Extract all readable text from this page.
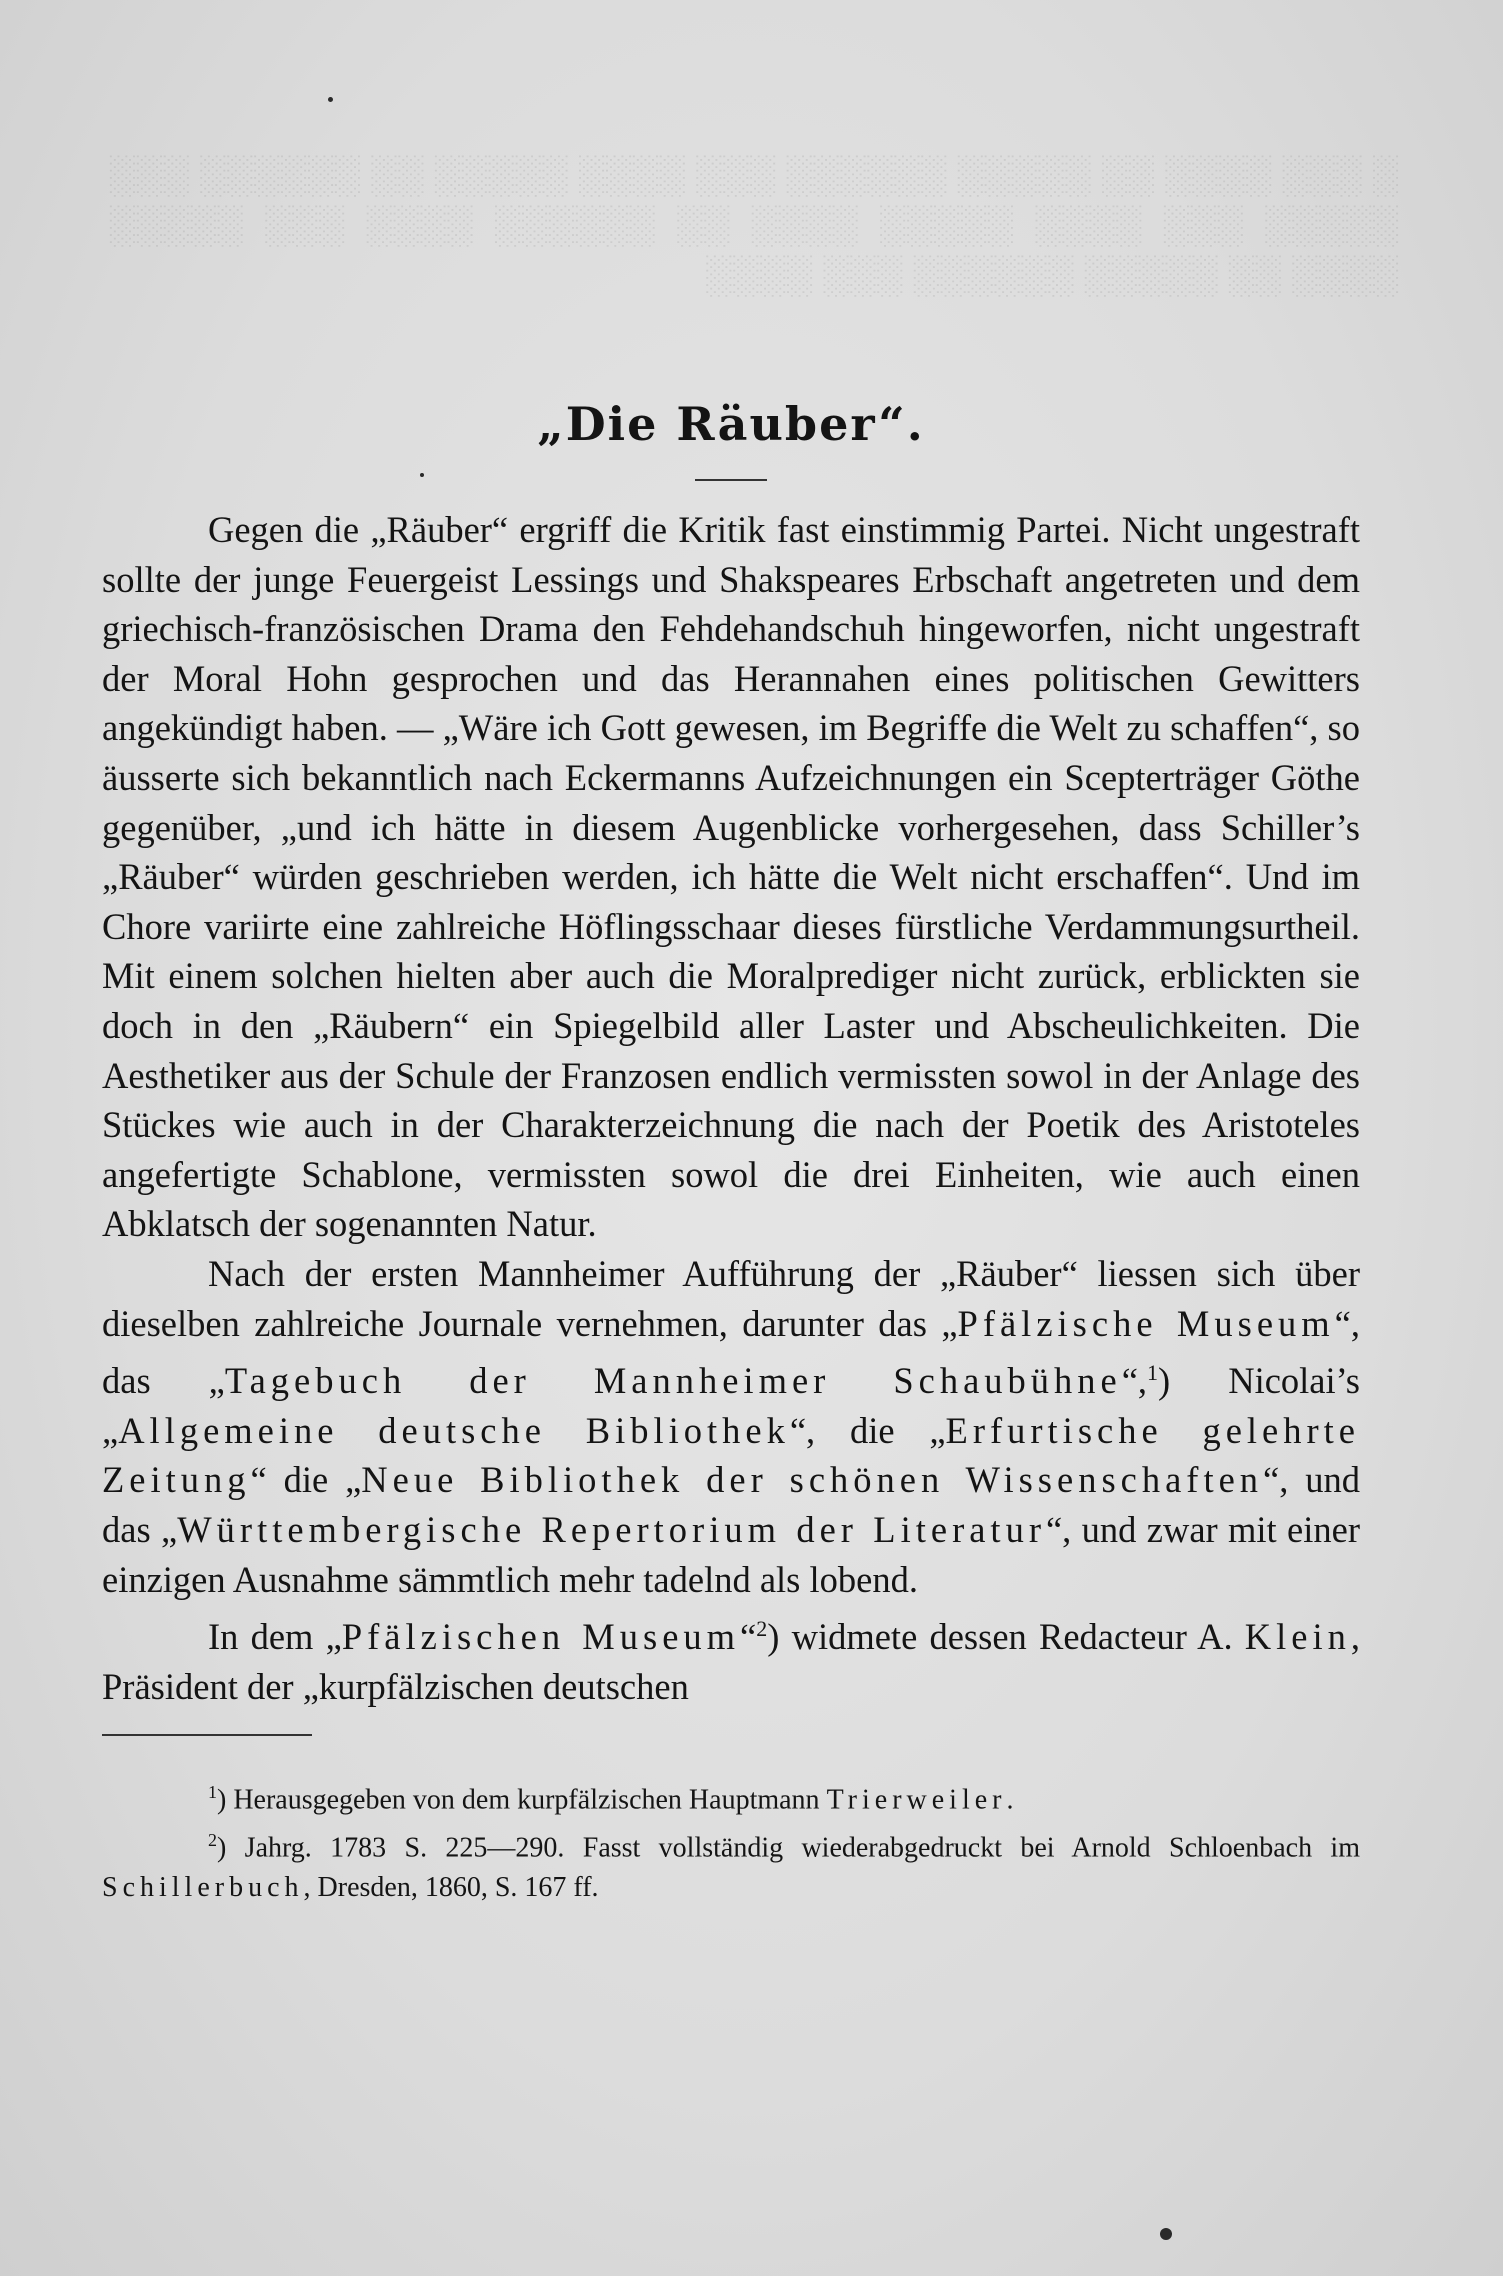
░ ░░░ ░░░░ ░░ ░░░░░ ░░░░░░ ░░░ ░░░░ ░░░░░ ░░ ░░░░░░ ░░░ ░░░░░ ░░░ ░░░░ ░░░░░ ░░░░ ░░ ░░░░░░ ░░░░ ░░░ ░░░░░ ░░░░ ░░ ░░░░░ ░░░░░░ ░░░ ░░░░
„Die Räuber“.

Gegen die „Räuber“ ergriff die Kritik fast einstimmig Partei. Nicht ungestraft sollte der junge Feuergeist Lessings und Shakspeares Erbschaft angetreten und dem griechisch-französischen Drama den Fehdehandschuh hingeworfen, nicht ungestraft der Moral Hohn gesprochen und das Herannahen eines politischen Gewitters angekündigt haben. — „Wäre ich Gott gewesen, im Begriffe die Welt zu schaffen“, so äusserte sich bekanntlich nach Eckermanns Aufzeichnungen ein Scepterträger Göthe gegenüber, „und ich hätte in diesem Augenblicke vorhergesehen, dass Schiller’s „Räuber“ würden geschrieben werden, ich hätte die Welt nicht erschaffen“. Und im Chore variirte eine zahlreiche Höflingsschaar dieses fürstliche Verdammungsurtheil. Mit einem solchen hielten aber auch die Moralprediger nicht zurück, erblickten sie doch in den „Räubern“ ein Spiegelbild aller Laster und Abscheulichkeiten. Die Aesthetiker aus der Schule der Franzosen endlich vermissten sowol in der Anlage des Stückes wie auch in der Charakterzeichnung die nach der Poetik des Aristoteles angefertigte Schablone, vermissten sowol die drei Einheiten, wie auch einen Abklatsch der sogenannten Natur.

Nach der ersten Mannheimer Aufführung der „Räuber“ liessen sich über dieselben zahlreiche Journale vernehmen, darunter das „Pfälzische Museum“, das „Tagebuch der Mannheimer Schaubühne“,$^1$) Nicolai’s „Allgemeine deutsche Bibliothek“, die „Erfurtische gelehrte Zeitung“ die „Neue Bibliothek der schönen Wissenschaften“, und das „Württembergische Repertorium der Literatur“, und zwar mit einer einzigen Ausnahme sämmtlich mehr tadelnd als lobend.

In dem „Pfälzischen Museum“$^2$) widmete dessen Redacteur A. Klein, Präsident der „kurpfälzischen deutschen

$^1$) Herausgegeben von dem kurpfälzischen Hauptmann Trierweiler.

$^2$) Jahrg. 1783 S. 225—290. Fasst vollständig wiederabgedruckt bei Arnold Schloenbach im Schillerbuch, Dresden, 1860, S. 167 ff.
